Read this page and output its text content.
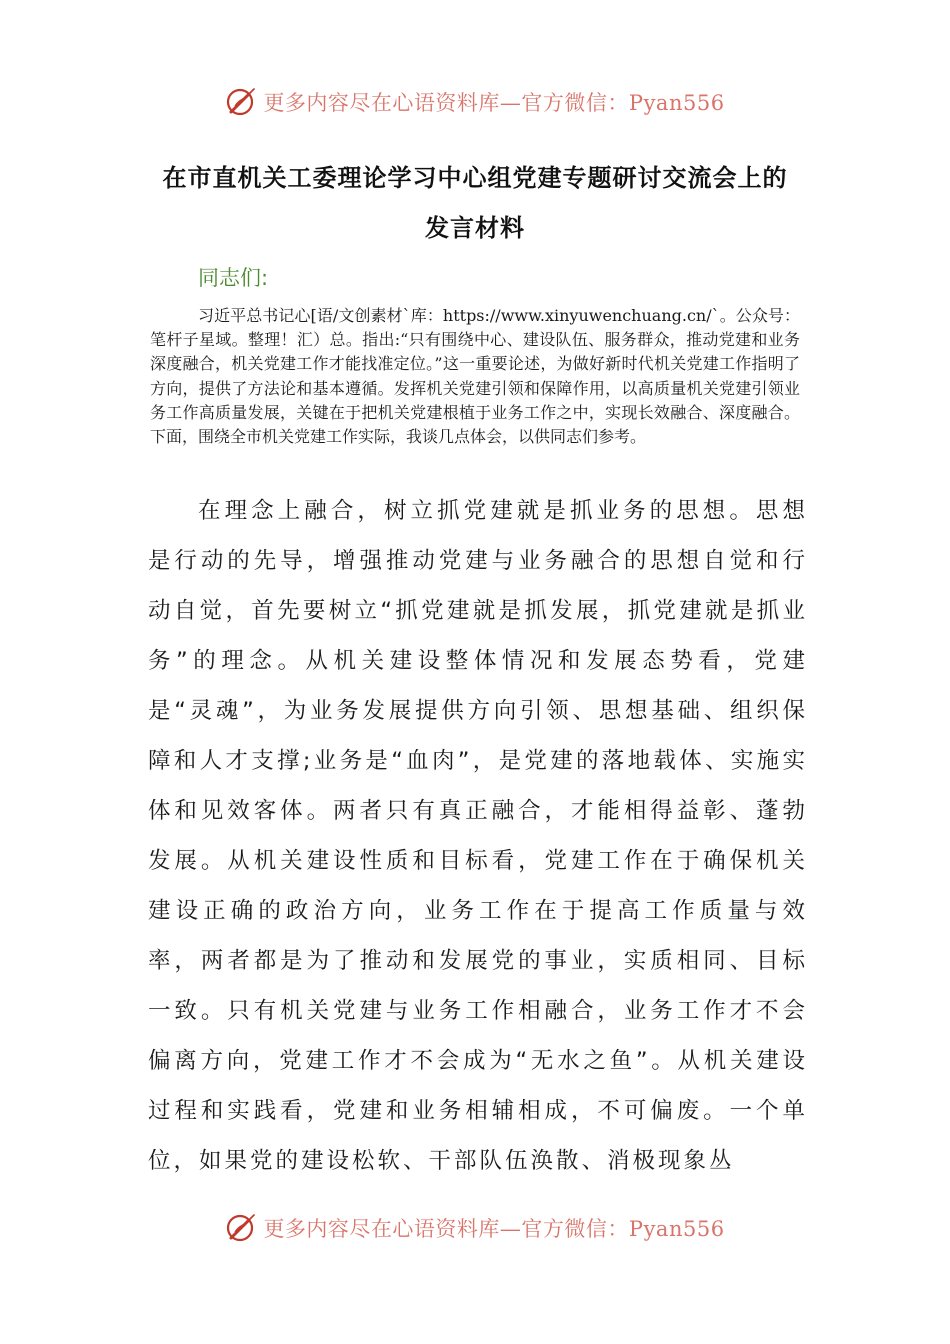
更多内容尽在心语资料库—官方微信：Pyan556
在市直机关工委理论学习中心组党建专题研讨交流会上的
发言材料
同志们:

习近平总书记心[语/文创素材`库：https://www.xinyuwenchuang.cn/`。公众号：笔杆子星域。整理！汇）总。指出:“只有围绕中心、建设队伍、服务群众，推动党建和业务深度融合，机关党建工作才能找准定位。”这一重要论述，为做好新时代机关党建工作指明了方向，提供了方法论和基本遵循。发挥机关党建引领和保障作用，以高质量机关党建引领业务工作高质量发展，关键在于把机关党建根植于业务工作之中，实现长效融合、深度融合。下面，围绕全市机关党建工作实际，我谈几点体会，以供同志们参考。

在理念上融合，树立抓党建就是抓业务的思想。思想是行动的先导，增强推动党建与业务融合的思想自觉和行动自觉，首先要树立“抓党建就是抓发展，抓党建就是抓业务”的理念。从机关建设整体情况和发展态势看，党建是“灵魂”，为业务发展提供方向引领、思想基础、组织保障和人才支撑;业务是“血肉”，是党建的落地载体、实施实体和见效客体。两者只有真正融合，才能相得益彰、蓬勃发展。从机关建设性质和目标看，党建工作在于确保机关建设正确的政治方向，业务工作在于提高工作质量与效率，两者都是为了推动和发展党的事业，实质相同、目标一致。只有机关党建与业务工作相融合，业务工作才不会偏离方向，党建工作才不会成为“无水之鱼”。从机关建设过程和实践看，党建和业务相辅相成，不可偏废。一个单位，如果党的建设松软、干部队伍涣散、消极现象丛

更多内容尽在心语资料库—官方微信：Pyan556
